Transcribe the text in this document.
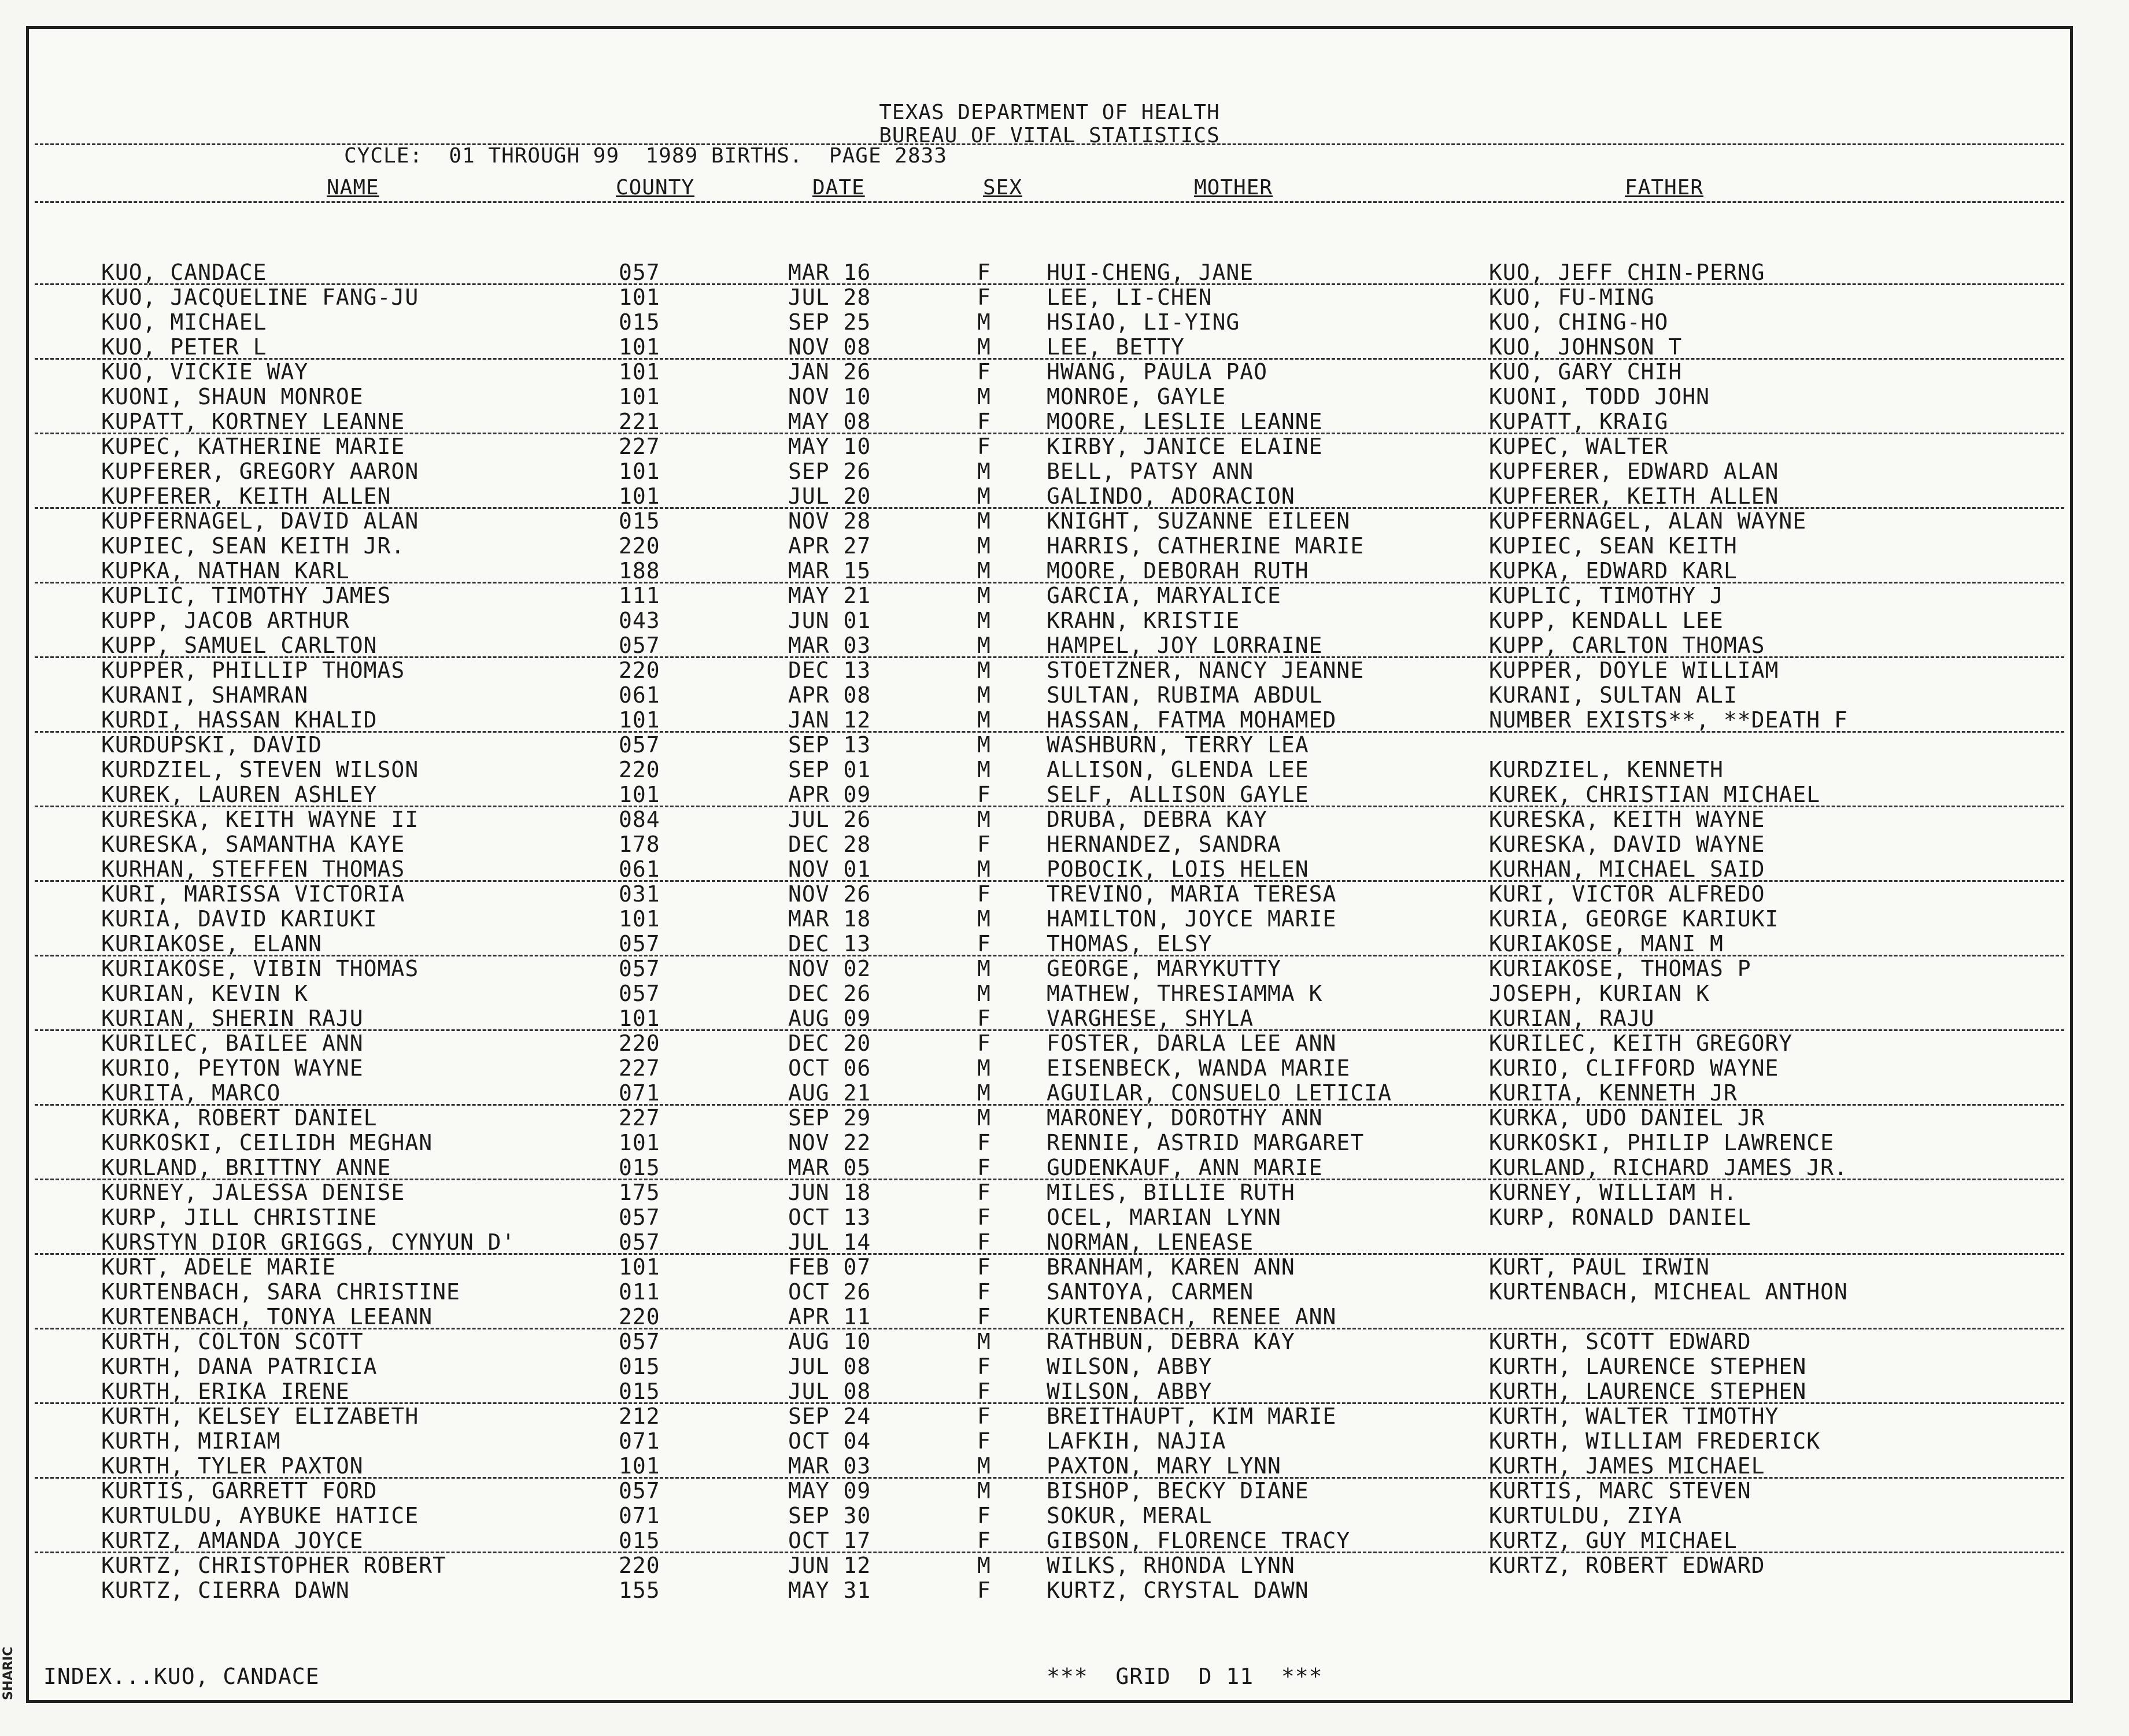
TEXAS DEPARTMENT OF HEALTH
BUREAU OF VITAL STATISTICS
CYCLE:  01 THROUGH 99  1989 BIRTHS.  PAGE 2833
NAME	COUNTY	DATE	SEX	MOTHER	FATHER
KUO, CANDACE	057	MAR 16	F	HUI-CHENG, JANE	KUO, JEFF CHIN-PERNG
KUO, JACQUELINE FANG-JU	101	JUL 28	F	LEE, LI-CHEN	KUO, FU-MING
KUO, MICHAEL	015	SEP 25	M	HSIAO, LI-YING	KUO, CHING-HO
KUO, PETER L	101	NOV 08	M	LEE, BETTY	KUO, JOHNSON T
KUO, VICKIE WAY	101	JAN 26	F	HWANG, PAULA PAO	KUO, GARY CHIH
KUONI, SHAUN MONROE	101	NOV 10	M	MONROE, GAYLE	KUONI, TODD JOHN
KUPATT, KORTNEY LEANNE	221	MAY 08	F	MOORE, LESLIE LEANNE	KUPATT, KRAIG
KUPEC, KATHERINE MARIE	227	MAY 10	F	KIRBY, JANICE ELAINE	KUPEC, WALTER
KUPFERER, GREGORY AARON	101	SEP 26	M	BELL, PATSY ANN	KUPFERER, EDWARD ALAN
KUPFERER, KEITH ALLEN	101	JUL 20	M	GALINDO, ADORACION	KUPFERER, KEITH ALLEN
KUPFERNAGEL, DAVID ALAN	015	NOV 28	M	KNIGHT, SUZANNE EILEEN	KUPFERNAGEL, ALAN WAYNE
KUPIEC, SEAN KEITH JR.	220	APR 27	M	HARRIS, CATHERINE MARIE	KUPIEC, SEAN KEITH
KUPKA, NATHAN KARL	188	MAR 15	M	MOORE, DEBORAH RUTH	KUPKA, EDWARD KARL
KUPLIC, TIMOTHY JAMES	111	MAY 21	M	GARCIA, MARYALICE	KUPLIC, TIMOTHY J
KUPP, JACOB ARTHUR	043	JUN 01	M	KRAHN, KRISTIE	KUPP, KENDALL LEE
KUPP, SAMUEL CARLTON	057	MAR 03	M	HAMPEL, JOY LORRAINE	KUPP, CARLTON THOMAS
KUPPER, PHILLIP THOMAS	220	DEC 13	M	STOETZNER, NANCY JEANNE	KUPPER, DOYLE WILLIAM
KURANI, SHAMRAN	061	APR 08	M	SULTAN, RUBIMA ABDUL	KURANI, SULTAN ALI
KURDI, HASSAN KHALID	101	JAN 12	M	HASSAN, FATMA MOHAMED	NUMBER EXISTS**, **DEATH F
KURDUPSKI, DAVID	057	SEP 13	M	WASHBURN, TERRY LEA
KURDZIEL, STEVEN WILSON	220	SEP 01	M	ALLISON, GLENDA LEE	KURDZIEL, KENNETH
KUREK, LAUREN ASHLEY	101	APR 09	F	SELF, ALLISON GAYLE	KUREK, CHRISTIAN MICHAEL
KURESKA, KEITH WAYNE II	084	JUL 26	M	DRUBA, DEBRA KAY	KURESKA, KEITH WAYNE
KURESKA, SAMANTHA KAYE	178	DEC 28	F	HERNANDEZ, SANDRA	KURESKA, DAVID WAYNE
KURHAN, STEFFEN THOMAS	061	NOV 01	M	POBOCIK, LOIS HELEN	KURHAN, MICHAEL SAID
KURI, MARISSA VICTORIA	031	NOV 26	F	TREVINO, MARIA TERESA	KURI, VICTOR ALFREDO
KURIA, DAVID KARIUKI	101	MAR 18	M	HAMILTON, JOYCE MARIE	KURIA, GEORGE KARIUKI
KURIAKOSE, ELANN	057	DEC 13	F	THOMAS, ELSY	KURIAKOSE, MANI M
KURIAKOSE, VIBIN THOMAS	057	NOV 02	M	GEORGE, MARYKUTTY	KURIAKOSE, THOMAS P
KURIAN, KEVIN K	057	DEC 26	M	MATHEW, THRESIAMMA K	JOSEPH, KURIAN K
KURIAN, SHERIN RAJU	101	AUG 09	F	VARGHESE, SHYLA	KURIAN, RAJU
KURILEC, BAILEE ANN	220	DEC 20	F	FOSTER, DARLA LEE ANN	KURILEC, KEITH GREGORY
KURIO, PEYTON WAYNE	227	OCT 06	M	EISENBECK, WANDA MARIE	KURIO, CLIFFORD WAYNE
KURITA, MARCO	071	AUG 21	M	AGUILAR, CONSUELO LETICIA	KURITA, KENNETH JR
KURKA, ROBERT DANIEL	227	SEP 29	M	MARONEY, DOROTHY ANN	KURKA, UDO DANIEL JR
KURKOSKI, CEILIDH MEGHAN	101	NOV 22	F	RENNIE, ASTRID MARGARET	KURKOSKI, PHILIP LAWRENCE
KURLAND, BRITTNY ANNE	015	MAR 05	F	GUDENKAUF, ANN MARIE	KURLAND, RICHARD JAMES JR.
KURNEY, JALESSA DENISE	175	JUN 18	F	MILES, BILLIE RUTH	KURNEY, WILLIAM H.
KURP, JILL CHRISTINE	057	OCT 13	F	OCEL, MARIAN LYNN	KURP, RONALD DANIEL
KURSTYN DIOR GRIGGS, CYNYUN D'	057	JUL 14	F	NORMAN, LENEASE
KURT, ADELE MARIE	101	FEB 07	F	BRANHAM, KAREN ANN	KURT, PAUL IRWIN
KURTENBACH, SARA CHRISTINE	011	OCT 26	F	SANTOYA, CARMEN	KURTENBACH, MICHEAL ANTHON
KURTENBACH, TONYA LEEANN	220	APR 11	F	KURTENBACH, RENEE ANN
KURTH, COLTON SCOTT	057	AUG 10	M	RATHBUN, DEBRA KAY	KURTH, SCOTT EDWARD
KURTH, DANA PATRICIA	015	JUL 08	F	WILSON, ABBY	KURTH, LAURENCE STEPHEN
KURTH, ERIKA IRENE	015	JUL 08	F	WILSON, ABBY	KURTH, LAURENCE STEPHEN
KURTH, KELSEY ELIZABETH	212	SEP 24	F	BREITHAUPT, KIM MARIE	KURTH, WALTER TIMOTHY
KURTH, MIRIAM	071	OCT 04	F	LAFKIH, NAJIA	KURTH, WILLIAM FREDERICK
KURTH, TYLER PAXTON	101	MAR 03	M	PAXTON, MARY LYNN	KURTH, JAMES MICHAEL
KURTIS, GARRETT FORD	057	MAY 09	M	BISHOP, BECKY DIANE	KURTIS, MARC STEVEN
KURTULDU, AYBUKE HATICE	071	SEP 30	F	SOKUR, MERAL	KURTULDU, ZIYA
KURTZ, AMANDA JOYCE	015	OCT 17	F	GIBSON, FLORENCE TRACY	KURTZ, GUY MICHAEL
KURTZ, CHRISTOPHER ROBERT	220	JUN 12	M	WILKS, RHONDA LYNN	KURTZ, ROBERT EDWARD
KURTZ, CIERRA DAWN	155	MAY 31	F	KURTZ, CRYSTAL DAWN
INDEX...KUO, CANDACE	***  GRID  D 11  ***
SHARIC
